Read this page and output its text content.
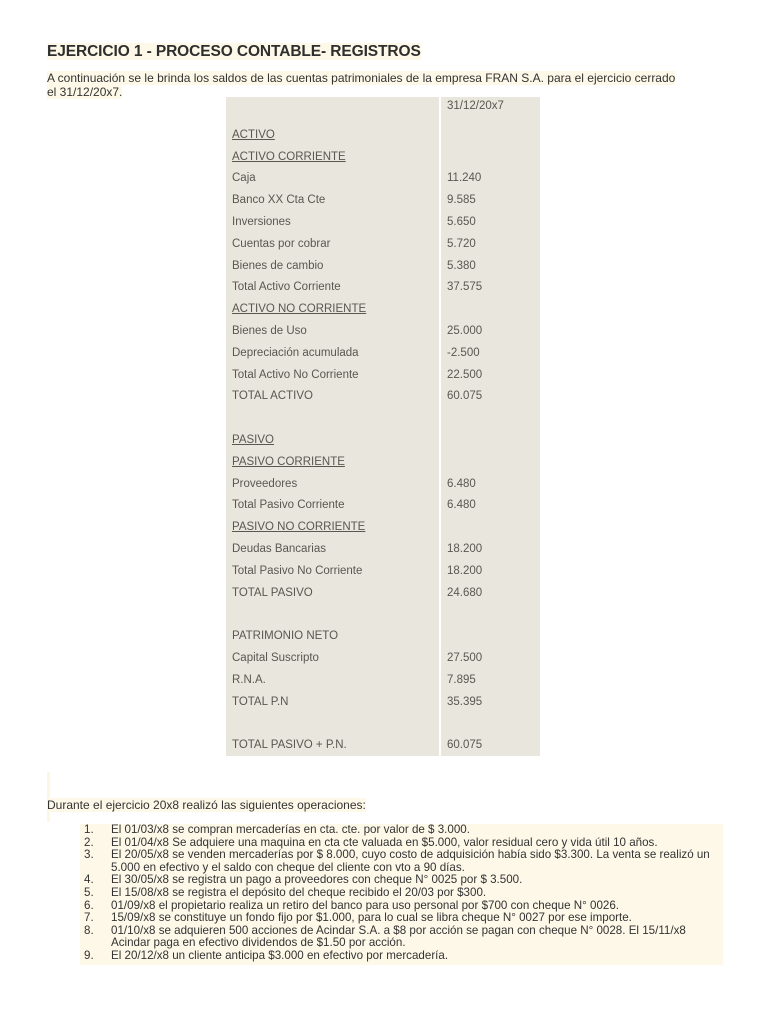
EJERCICIO 1 - PROCESO CONTABLE- REGISTROS
A continuación se le brinda los saldos de las cuentas patrimoniales de la empresa FRAN S.A. para el ejercicio cerrado el 31/12/20x7.
	31/12/20x7
ACTIVO	
ACTIVO CORRIENTE	
Caja	11.240
Banco XX Cta Cte	9.585
Inversiones	5.650
Cuentas por cobrar	5.720
Bienes de cambio	5.380
Total Activo Corriente	37.575
ACTIVO NO CORRIENTE	
Bienes de Uso	25.000
Depreciación acumulada	-2.500
Total Activo No Corriente	22.500
TOTAL ACTIVO	60.075

PASIVO	
PASIVO CORRIENTE	
Proveedores	6.480
Total Pasivo Corriente	6.480
PASIVO NO CORRIENTE	
Deudas Bancarias	18.200
Total Pasivo No Corriente	18.200
TOTAL PASIVO	24.680

PATRIMONIO NETO	
Capital Suscripto	27.500
R.N.A.	7.895
TOTAL P.N	35.395

TOTAL PASIVO + P.N.	60.075
Durante el ejercicio 20x8 realizó las siguientes operaciones:
1.	El 01/03/x8 se compran mercaderías en cta. cte. por valor de $ 3.000.
2.	El 01/04/x8 Se adquiere una maquina en cta cte valuada en $5.000, valor residual cero y vida útil 10 años.
3.	El 20/05/x8 se venden mercaderías por $ 8.000, cuyo costo de adquisición había sido $3.300. La venta se realizó un 5.000 en efectivo y el saldo con cheque del cliente con vto a 90 días.
4.	El 30/05/x8 se registra un pago a proveedores con cheque N° 0025 por $ 3.500.
5.	El 15/08/x8 se registra el depósito del cheque recibido el 20/03 por $300.
6.	01/09/x8 el propietario realiza un retiro del banco para uso personal por $700 con cheque N° 0026.
7.	15/09/x8 se constituye un fondo fijo por $1.000, para lo cual se libra cheque N° 0027 por ese importe.
8.	01/10/x8 se adquieren 500 acciones de Acindar S.A. a $8 por acción se pagan con cheque N° 0028. El 15/11/x8 Acindar paga en efectivo dividendos de $1.50 por acción.
9.	El 20/12/x8 un cliente anticipa $3.000 en efectivo por mercadería.
